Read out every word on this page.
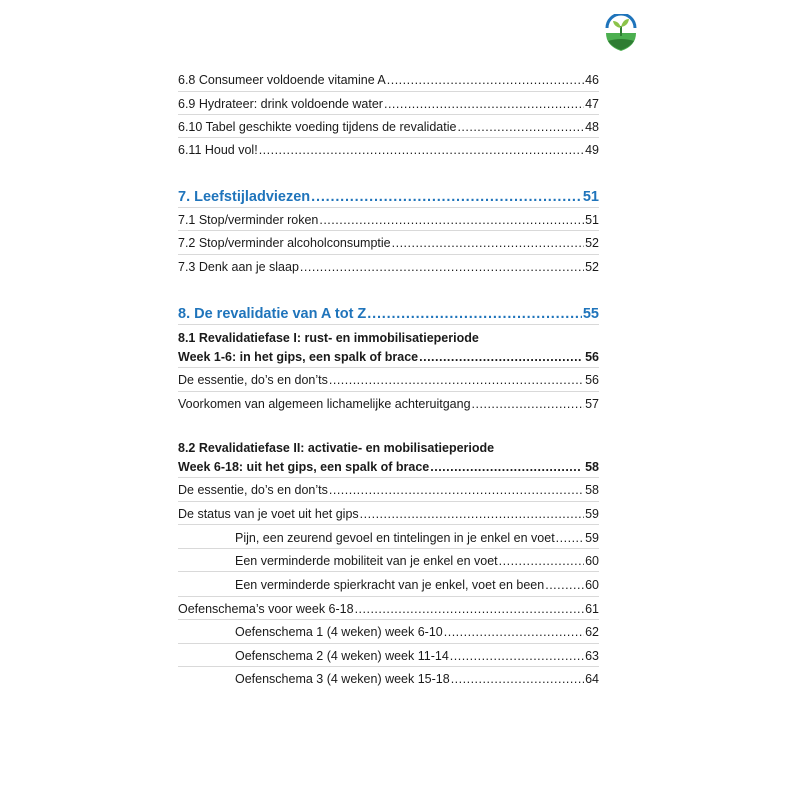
6.8 Consumeer voldoende vitamine A .....	46
6.9 Hydrateer: drink voldoende water .....	47
6.10 Tabel geschikte voeding tijdens de revalidatie .....	48
6.11 Houd vol! .....	49
7. Leefstijladviezen .....	51
7.1 Stop/verminder roken .....	51
7.2 Stop/verminder alcoholconsumptie .....	52
7.3 Denk aan je slaap .....	52
8. De revalidatie van A tot Z .....	55
8.1 Revalidatiefase I: rust- en immobilisatieperiode
Week 1-6: in het gips, een spalk of brace .....	56
De essentie, do’s en don’ts .....	56
Voorkomen van algemeen lichamelijke achteruitgang .....	57
8.2 Revalidatiefase II: activatie- en mobilisatieperiode
Week 6-18: uit het gips, een spalk of brace .....	58
De essentie, do’s en don’ts .....	58
De status van je voet uit het gips .....	59
Pijn, een zeurend gevoel en tintelingen in je enkel en voet ..... 59
Een verminderde mobiliteit van je enkel en voet .....	60
Een verminderde spierkracht van je enkel, voet en been .....	60
Oefenschema’s voor week 6-18 .....	61
Oefenschema 1 (4 weken) week 6-10 .....	62
Oefenschema 2 (4 weken) week 11-14 .....	63
Oefenschema 3 (4 weken) week 15-18 .....	64
